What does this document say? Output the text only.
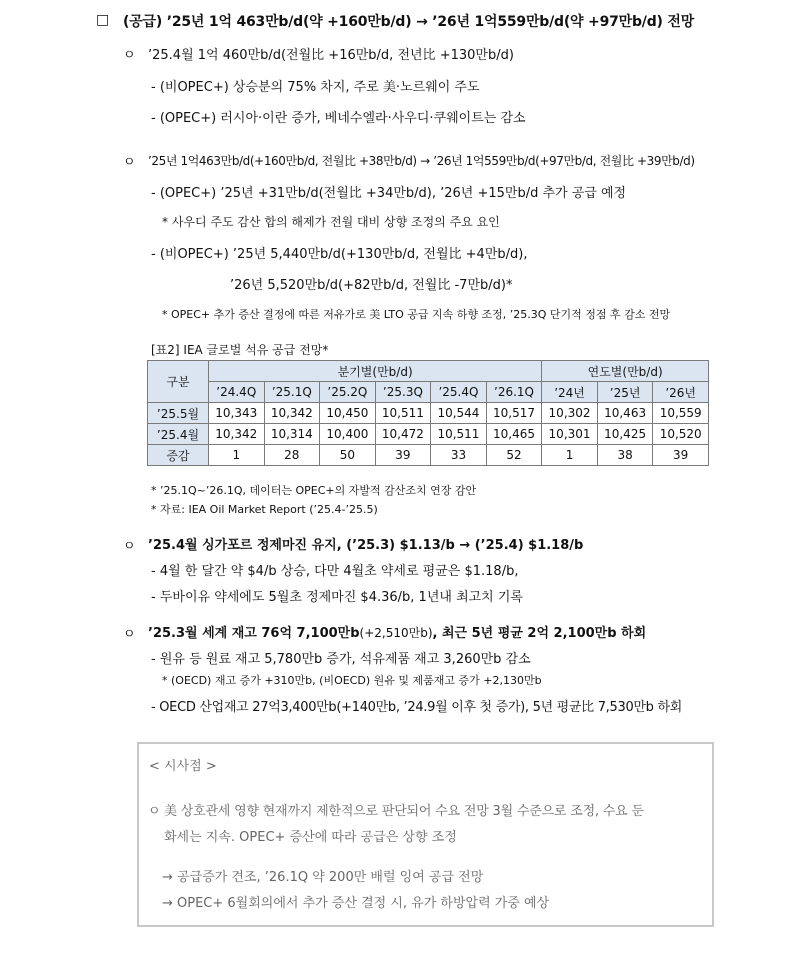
□ (공급) ’25년 1억 463만b/d(약 +160만b/d) → ’26년 1억559만b/d(약 +97만b/d) 전망
ㅇ ’25.4월 1억 460만b/d(전월比 +16만b/d, 전년比 +130만b/d)
- (비OPEC+) 상승분의 75% 차지, 주로 美·노르웨이 주도
- (OPEC+) 러시아·이란 증가, 베네수엘라·사우디·쿠웨이트는 감소
ㅇ ’25년 1억463만b/d(+160만b/d, 전월比 +38만b/d) → ’26년 1억559만b/d(+97만b/d, 전월比 +39만b/d)
- (OPEC+) ’25년 +31만b/d(전월比 +34만b/d), ’26년 +15만b/d 추가 공급 예정
* 사우디 주도 감산 합의 해제가 전월 대비 상향 조정의 주요 요인
- (비OPEC+) ’25년 5,440만b/d(+130만b/d, 전월比 +4만b/d),
’26년 5,520만b/d(+82만b/d, 전월比 -7만b/d)*
* OPEC+ 추가 증산 결정에 따른 저유가로 美 LTO 공급 지속 하향 조정, ’25.3Q 단기적 정점 후 감소 전망
[표2] IEA 글로벌 석유 공급 전망*
구분	분기별(만b/d)						연도별(만b/d)		
	’24.4Q	’25.1Q	’25.2Q	’25.3Q	’25.4Q	’26.1Q	’24년	’25년	’26년
’25.5월	10,343	10,342	10,450	10,511	10,544	10,517	10,302	10,463	10,559
’25.4월	10,342	10,314	10,400	10,472	10,511	10,465	10,301	10,425	10,520
증감	1	28	50	39	33	52	1	38	39
* ’25.1Q~’26.1Q, 데이터는 OPEC+의 자발적 감산조치 연장 감안
* 자료: IEA Oil Market Report (’25.4-’25.5)
ㅇ ’25.4월 싱가포르 정제마진 유지, (’25.3) $1.13/b → (’25.4) $1.18/b
- 4월 한 달간 약 $4/b 상승, 다만 4월초 약세로 평균은 $1.18/b,
- 두바이유 약세에도 5월초 정제마진 $4.36/b, 1년내 최고치 기록
ㅇ ’25.3월 세계 재고 76억 7,100만b(+2,510만b), 최근 5년 평균 2억 2,100만b 하회
- 원유 등 원료 재고 5,780만b 증가, 석유제품 재고 3,260만b 감소
* (OECD) 재고 증가 +310만b, (비OECD) 원유 및 제품재고 증가 +2,130만b
- OECD 산업재고 27억3,400만b(+140만b, ’24.9월 이후 첫 증가), 5년 평균比 7,530만b 하회
< 시사점 >
ㅇ 美 상호관세 영향 현재까지 제한적으로 판단되어 수요 전망 3월 수준으로 조정, 수요 둔
화세는 지속. OPEC+ 증산에 따라 공급은 상향 조정
→ 공급증가 견조, ’26.1Q 약 200만 배럴 잉여 공급 전망
→ OPEC+ 6월회의에서 추가 증산 결정 시, 유가 하방압력 가중 예상
